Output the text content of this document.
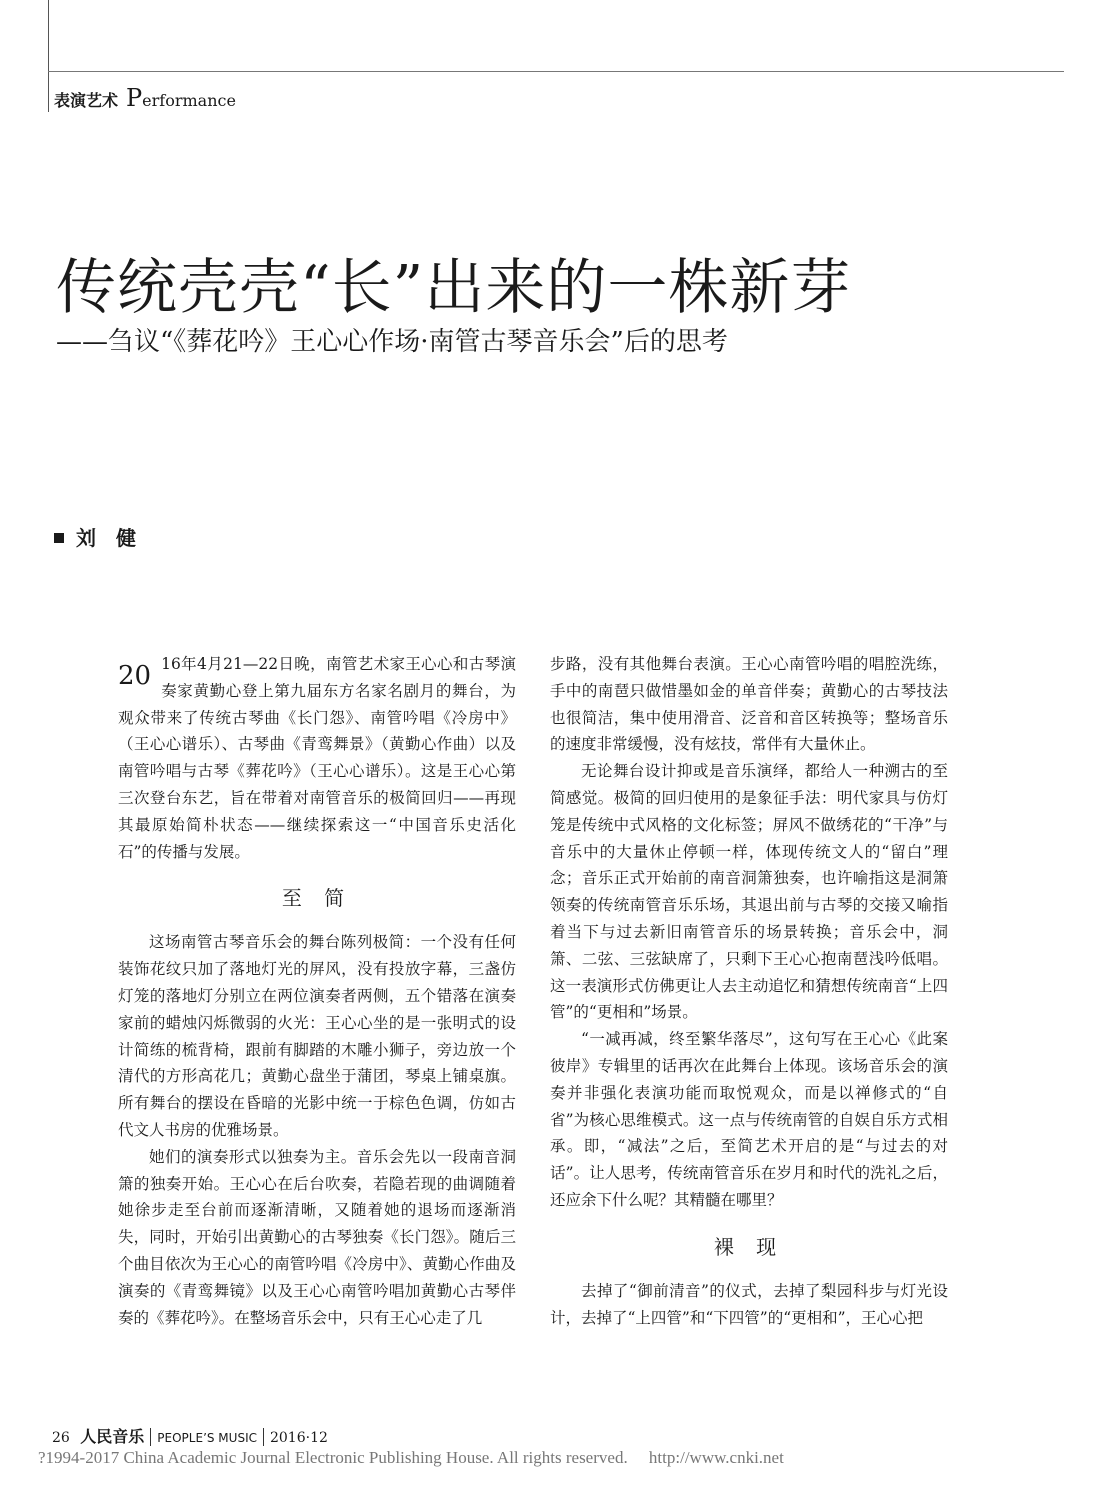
表演艺术 Performance
传统壳壳“长”出来的一株新芽
——刍议“《葬花吟》王心心作场·南管古琴音乐会”后的思考
刘　健

20 16年4月21—22日晚，南管艺术家王心心和古琴演奏家黄勤心登上第九届东方名家名剧月的舞台，为观众带来了传统古琴曲《长门怨》、南管吟唱《冷房中》（王心心谱乐）、古琴曲《青鸾舞景》（黄勤心作曲）以及南管吟唱与古琴《葬花吟》（王心心谱乐）。这是王心心第三次登台东艺，旨在带着对南管音乐的极简回归——再现其最原始简朴状态——继续探索这一“中国音乐史活化石”的传播与发展。

至 简

这场南管古琴音乐会的舞台陈列极简：一个没有任何装饰花纹只加了落地灯光的屏风，没有投放字幕，三盏仿灯笼的落地灯分别立在两位演奏者两侧，五个错落在演奏家前的蜡烛闪烁微弱的火光：王心心坐的是一张明式的设计简练的梳背椅，跟前有脚踏的木雕小狮子，旁边放一个清代的方形高花几；黄勤心盘坐于蒲团，琴桌上铺桌旗。所有舞台的摆设在昏暗的光影中统一于棕色色调，仿如古代文人书房的优雅场景。

她们的演奏形式以独奏为主。音乐会先以一段南音洞箫的独奏开始。王心心在后台吹奏，若隐若现的曲调随着她徐步走至台前而逐渐清晰，又随着她的退场而逐渐消失，同时，开始引出黄勤心的古琴独奏《长门怨》。随后三个曲目依次为王心心的南管吟唱《冷房中》、黄勤心作曲及演奏的《青鸾舞镜》以及王心心南管吟唱加黄勤心古琴伴奏的《葬花吟》。在整场音乐会中，只有王心心走了几

步路，没有其他舞台表演。王心心南管吟唱的唱腔洗练，手中的南琶只做惜墨如金的单音伴奏；黄勤心的古琴技法也很简洁，集中使用滑音、泛音和音区转换等；整场音乐的速度非常缓慢，没有炫技，常伴有大量休止。

无论舞台设计抑或是音乐演绎，都给人一种溯古的至简感觉。极简的回归使用的是象征手法：明代家具与仿灯笼是传统中式风格的文化标签；屏风不做绣花的“干净”与音乐中的大量休止停顿一样，体现传统文人的“留白”理念；音乐正式开始前的南音洞箫独奏，也许喻指这是洞箫领奏的传统南管音乐乐场，其退出前与古琴的交接又喻指着当下与过去新旧南管音乐的场景转换；音乐会中，洞箫、二弦、三弦缺席了，只剩下王心心抱南琶浅吟低唱。这一表演形式仿佛更让人去主动追忆和猜想传统南音“上四管”的“更相和”场景。

“一减再减，终至繁华落尽”，这句写在王心心《此案彼岸》专辑里的话再次在此舞台上体现。该场音乐会的演奏并非强化表演功能而取悦观众，而是以禅修式的“自省”为核心思维模式。这一点与传统南管的自娱自乐方式相承。即，“减法”之后，至简艺术开启的是“与过去的对话”。让人思考，传统南管音乐在岁月和时代的洗礼之后，还应余下什么呢？其精髓在哪里？

裸 现

去掉了“御前清音”的仪式，去掉了梨园科步与灯光设计，去掉了“上四管”和“下四管”的“更相和”，王心心把

26 人民音乐 PEOPLE’S MUSIC 2016·12
?1994-2017 China Academic Journal Electronic Publishing House. All rights reserved.　 http://www.cnki.net
